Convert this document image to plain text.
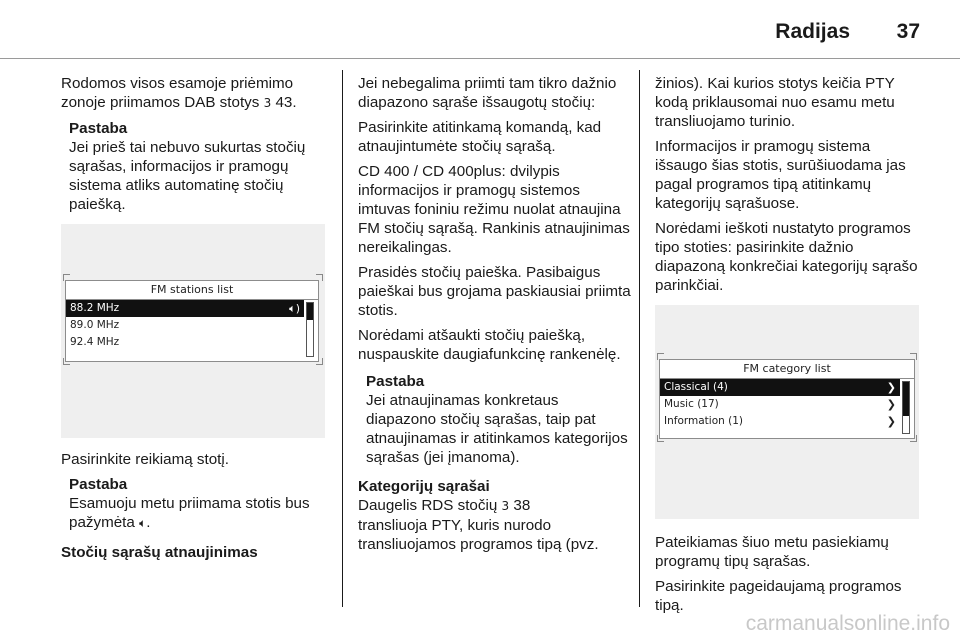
Radijas	37

Rodomos visos esamoje priėmimo zonoje priimamos DAB stotys 3 43.

Pastaba
Jei prieš tai nebuvo sukurtas stočių sąrašas, informacijos ir pramogų sistema atliks automatinę stočių paiešką.
FM stations list
88.2 MHz	🔈︎)
89.0 MHz
92.4 MHz

Pasirinkite reikiamą stotį.

Pastaba
Esamuoju metu priimama stotis bus pažymėta 🔈︎.
Stočių sąrašų atnaujinimas

Jei nebegalima priimti tam tikro dažnio diapazono sąraše išsaugotų stočių:

Pasirinkite atitinkamą komandą, kad atnaujintumėte stočių sąrašą.

CD 400 / CD 400plus: dvilypis informacijos ir pramogų sistemos imtuvas foniniu režimu nuolat atnaujina FM stočių sąrašą. Rankinis atnaujinimas nereikalingas.

Prasidės stočių paieška. Pasibaigus paieškai bus grojama paskiausiai priimta stotis.

Norėdami atšaukti stočių paiešką, nuspauskite daugiafunkcinę rankenėlę.

Pastaba
Jei atnaujinamas konkretaus diapazono stočių sąrašas, taip pat atnaujinamas ir atitinkamos kategorijos sąrašas (jei įmanoma).
Kategorijų sąrašai

Daugelis RDS stočių 3 38
transliuoja PTY, kuris nurodo transliuojamos programos tipą (pvz.

žinios). Kai kurios stotys keičia PTY kodą priklausomai nuo esamu metu transliuojamo turinio.

Informacijos ir pramogų sistema išsaugo šias stotis, surūšiuodama jas pagal programos tipą atitinkamų kategorijų sąrašuose.

Norėdami ieškoti nustatyto programos tipo stoties: pasirinkite dažnio diapazoną konkrečiai kategorijų sąrašo parinkčiai.

FM category list
Classical (4)	❯
Music (17)	❯
Information (1)	❯

Pateikiamas šiuo metu pasiekiamų programų tipų sąrašas.

Pasirinkite pageidaujamą programos tipą.

carmanualsonline.info
